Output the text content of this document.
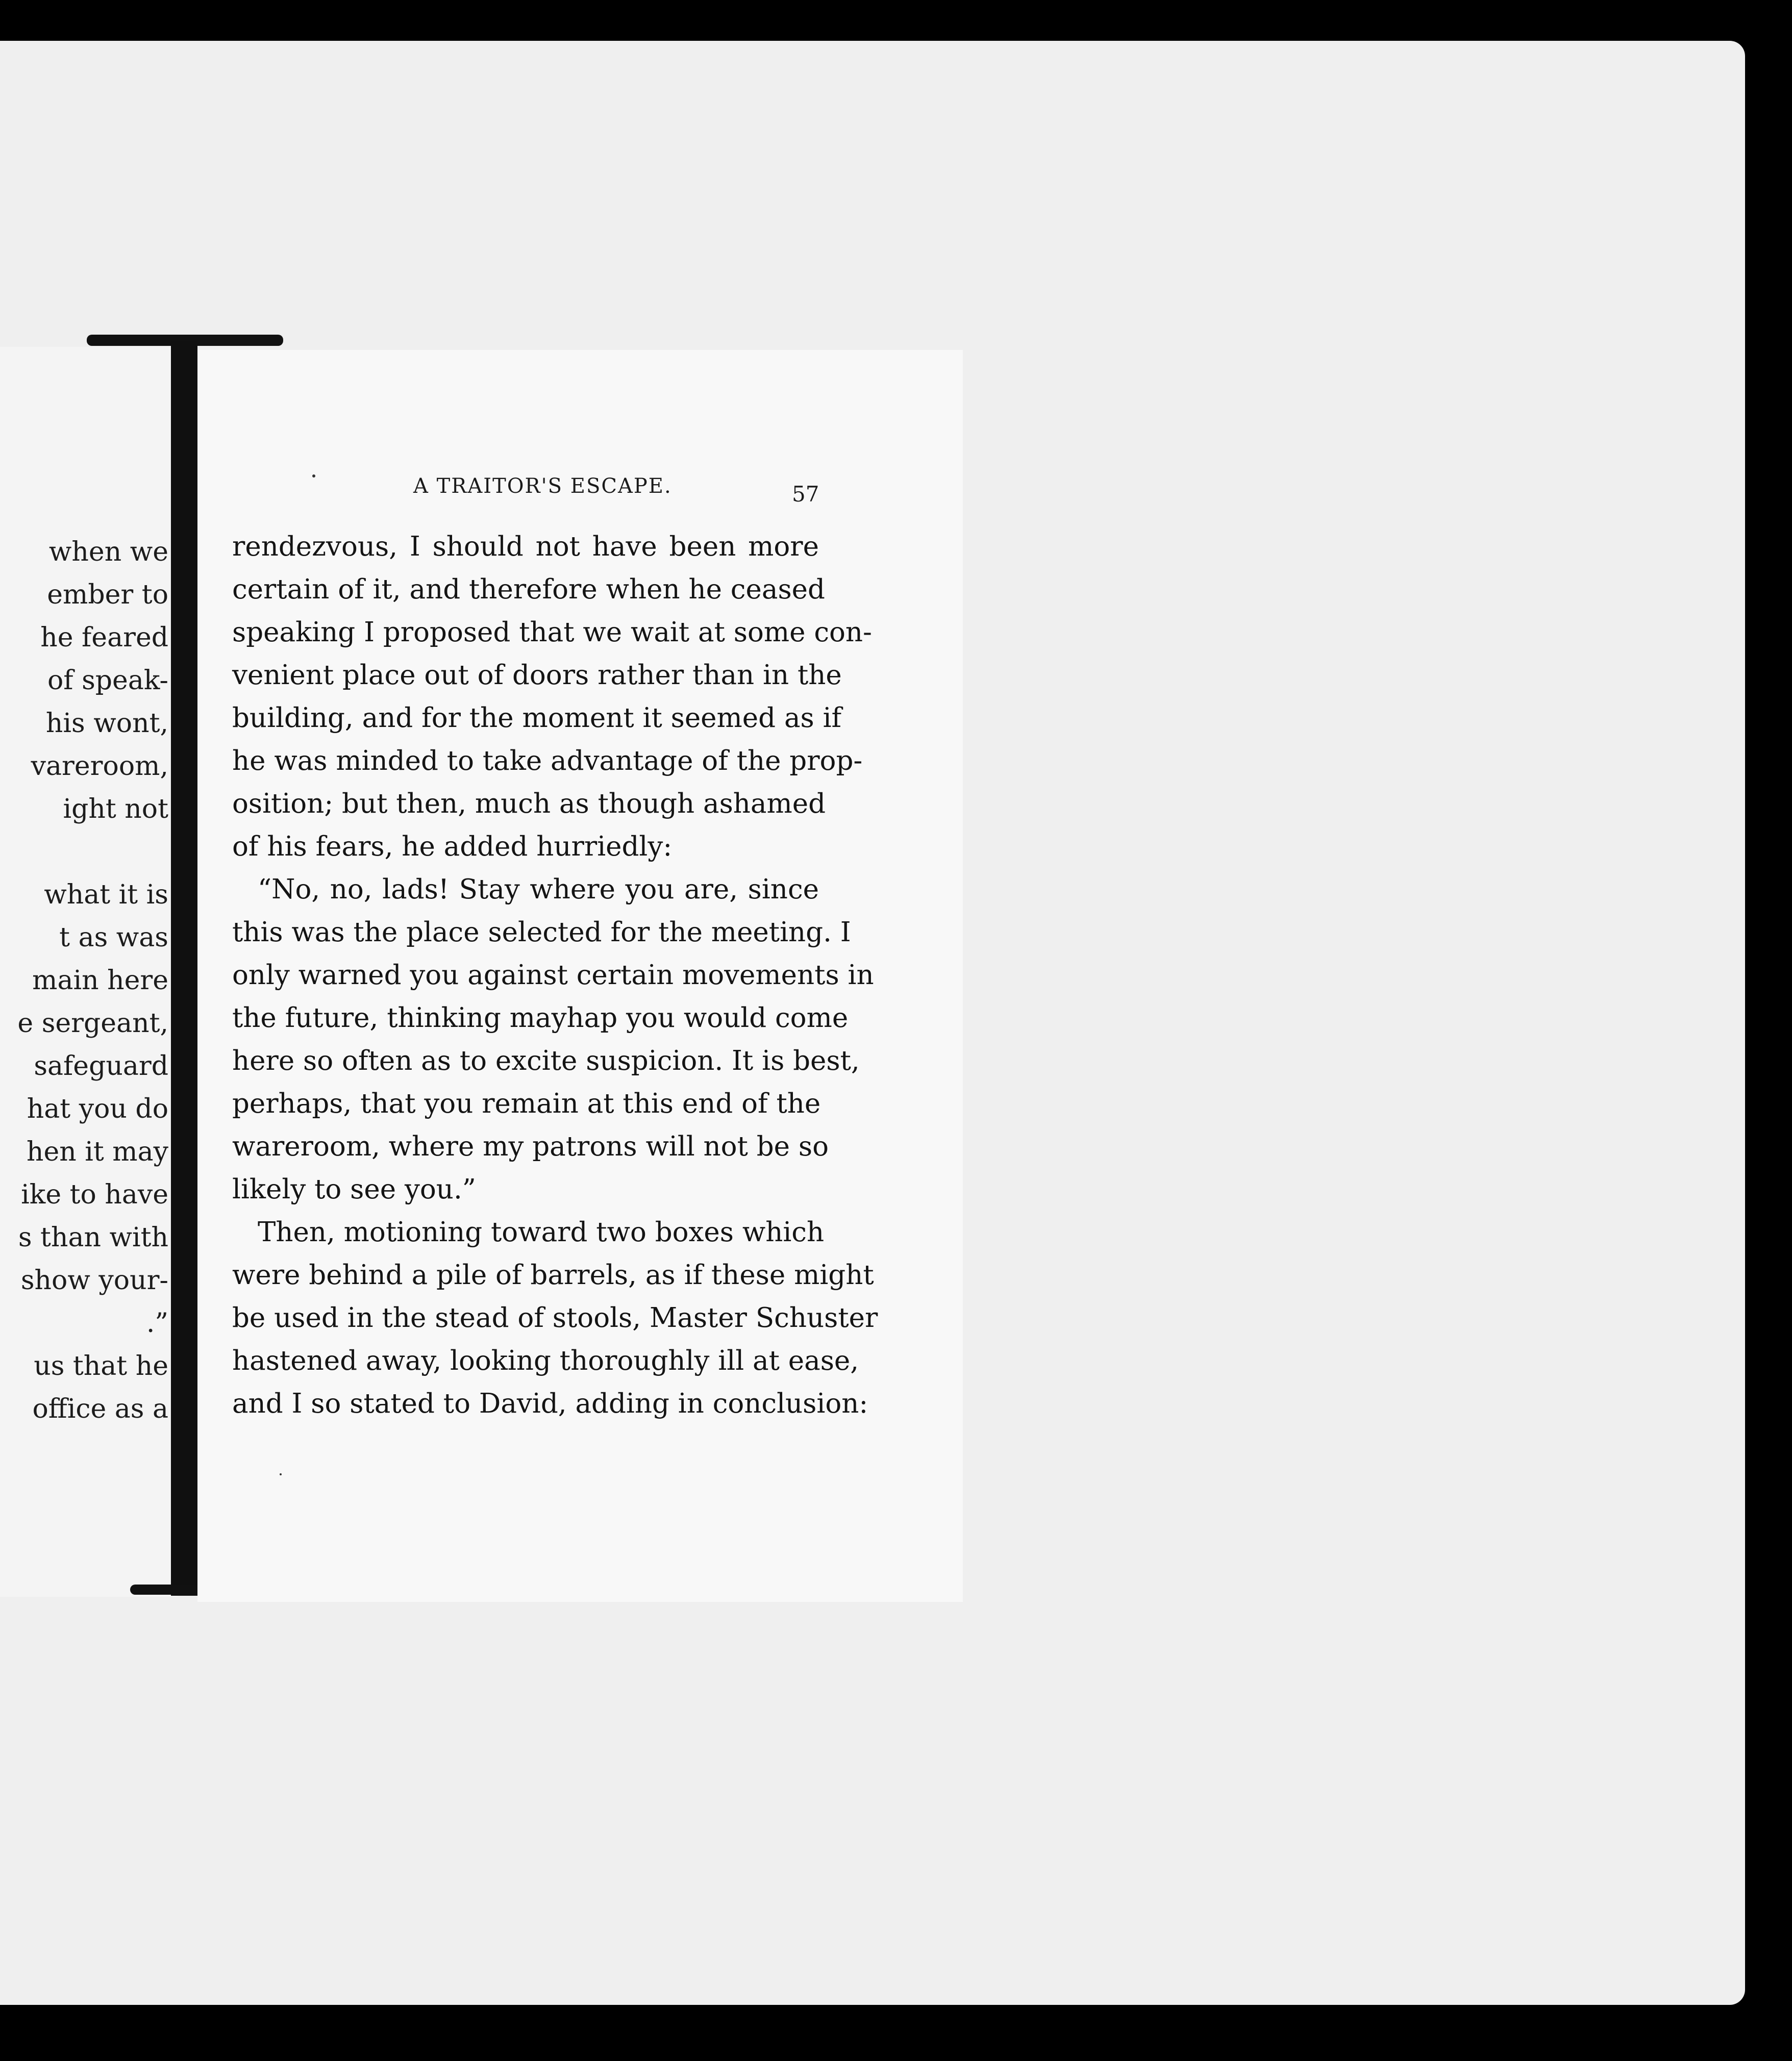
when we
ember to
he feared
of speak-
his wont,
vareroom,
ight not
what it is
t as was
main here
e sergeant,
safeguard
hat you do
hen it may
ike to have
s than with
show your-
.”
us that he
office as a
A TRAITOR'S ESCAPE.	57
rendezvous, I should not have been more
certain of it, and therefore when he ceased
speaking I proposed that we wait at some con-
venient place out of doors rather than in the
building, and for the moment it seemed as if
he was minded to take advantage of the prop-
osition; but then, much as though ashamed
of his fears, he added hurriedly:
“No, no, lads! Stay where you are, since
this was the place selected for the meeting. I
only warned you against certain movements in
the future, thinking mayhap you would come
here so often as to excite suspicion. It is best,
perhaps, that you remain at this end of the
wareroom, where my patrons will not be so
likely to see you.”
Then, motioning toward two boxes which
were behind a pile of barrels, as if these might
be used in the stead of stools, Master Schuster
hastened away, looking thoroughly ill at ease,
and I so stated to David, adding in conclusion:
